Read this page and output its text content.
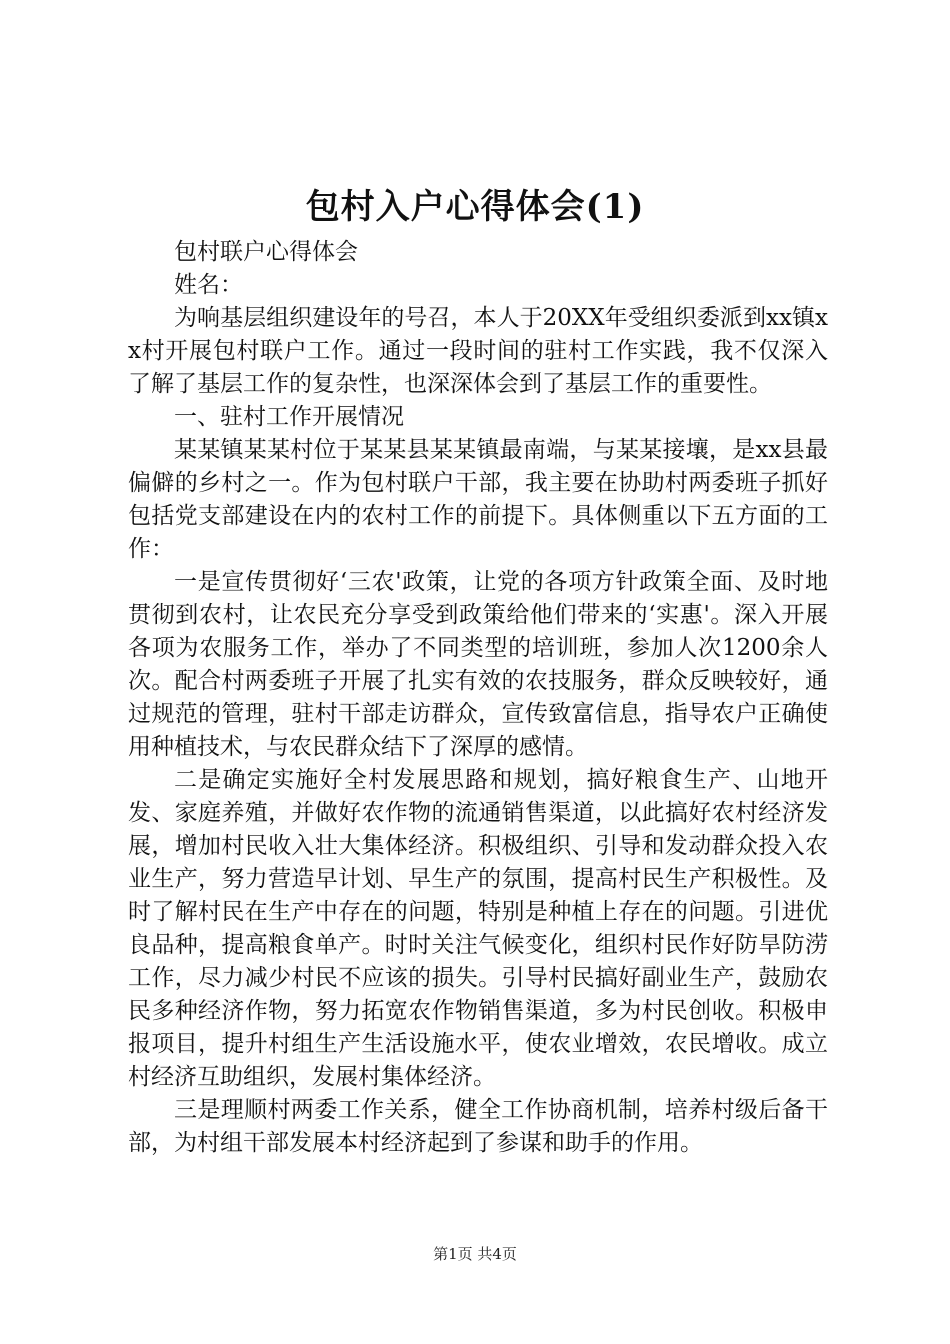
包村入户心得体会(1)

包村联户心得体会

姓名：

为响基层组织建设年的号召，本人于20XX年受组织委派到xx镇xx村开展包村联户工作。通过一段时间的驻村工作实践，我不仅深入了解了基层工作的复杂性，也深深体会到了基层工作的重要性。

一、驻村工作开展情况

某某镇某某村位于某某县某某镇最南端，与某某接壤，是xx县最偏僻的乡村之一。作为包村联户干部，我主要在协助村两委班子抓好包括党支部建设在内的农村工作的前提下。具体侧重以下五方面的工作：

一是宣传贯彻好‘三农'政策，让党的各项方针政策全面、及时地贯彻到农村，让农民充分享受到政策给他们带来的‘实惠'。深入开展各项为农服务工作，举办了不同类型的培训班，参加人次1200余人次。配合村两委班子开展了扎实有效的农技服务，群众反映较好，通过规范的管理，驻村干部走访群众，宣传致富信息，指导农户正确使用种植技术，与农民群众结下了深厚的感情。

二是确定实施好全村发展思路和规划，搞好粮食生产、山地开发、家庭养殖，并做好农作物的流通销售渠道，以此搞好农村经济发展，增加村民收入壮大集体经济。积极组织、引导和发动群众投入农业生产，努力营造早计划、早生产的氛围，提高村民生产积极性。及时了解村民在生产中存在的问题，特别是种植上存在的问题。引进优良品种，提高粮食单产。时时关注气候变化，组织村民作好防旱防涝工作，尽力减少村民不应该的损失。引导村民搞好副业生产，鼓励农民多种经济作物，努力拓宽农作物销售渠道，多为村民创收。积极申报项目，提升村组生产生活设施水平，使农业增效，农民增收。成立村经济互助组织，发展村集体经济。

三是理顺村两委工作关系，健全工作协商机制，培养村级后备干部，为村组干部发展本村经济起到了参谋和助手的作用。

第1页 共4页
